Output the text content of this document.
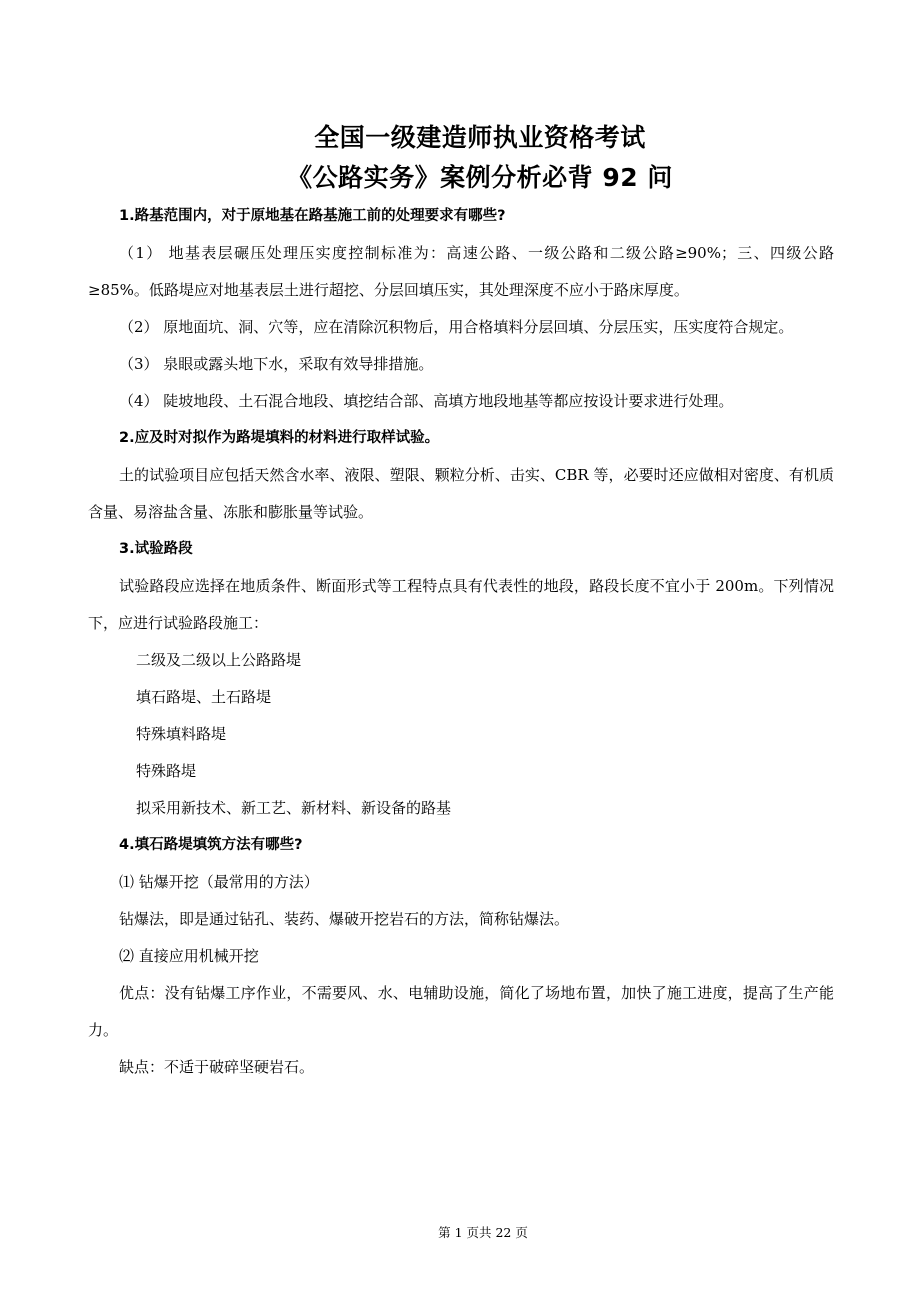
全国一级建造师执业资格考试
《公路实务》案例分析必背 92 问

1.路基范围内，对于原地基在路基施工前的处理要求有哪些?

（1） 地基表层碾压处理压实度控制标准为：高速公路、一级公路和二级公路≥90%；三、四级公路≥85%。低路堤应对地基表层土进行超挖、分层回填压实，其处理深度不应小于路床厚度。

（2） 原地面坑、洞、穴等，应在清除沉积物后，用合格填料分层回填、分层压实，压实度符合规定。

（3） 泉眼或露头地下水，采取有效导排措施。

（4） 陡坡地段、土石混合地段、填挖结合部、高填方地段地基等都应按设计要求进行处理。

2.应及时对拟作为路堤填料的材料进行取样试验。

土的试验项目应包括天然含水率、液限、塑限、颗粒分析、击实、CBR 等，必要时还应做相对密度、有机质含量、易溶盐含量、冻胀和膨胀量等试验。

3.试验路段

试验路段应选择在地质条件、断面形式等工程特点具有代表性的地段，路段长度不宜小于 200m。下列情况下，应进行试验路段施工：

二级及二级以上公路路堤

填石路堤、土石路堤

特殊填料路堤

特殊路堤

拟采用新技术、新工艺、新材料、新设备的路基

4.填石路堤填筑方法有哪些?

⑴ 钻爆开挖（最常用的方法）

钻爆法，即是通过钻孔、装药、爆破开挖岩石的方法，简称钻爆法。

⑵ 直接应用机械开挖

优点：没有钻爆工序作业，不需要风、水、电辅助设施，简化了场地布置，加快了施工进度，提高了生产能力。

缺点：不适于破碎坚硬岩石。

第 1 页共 22 页
